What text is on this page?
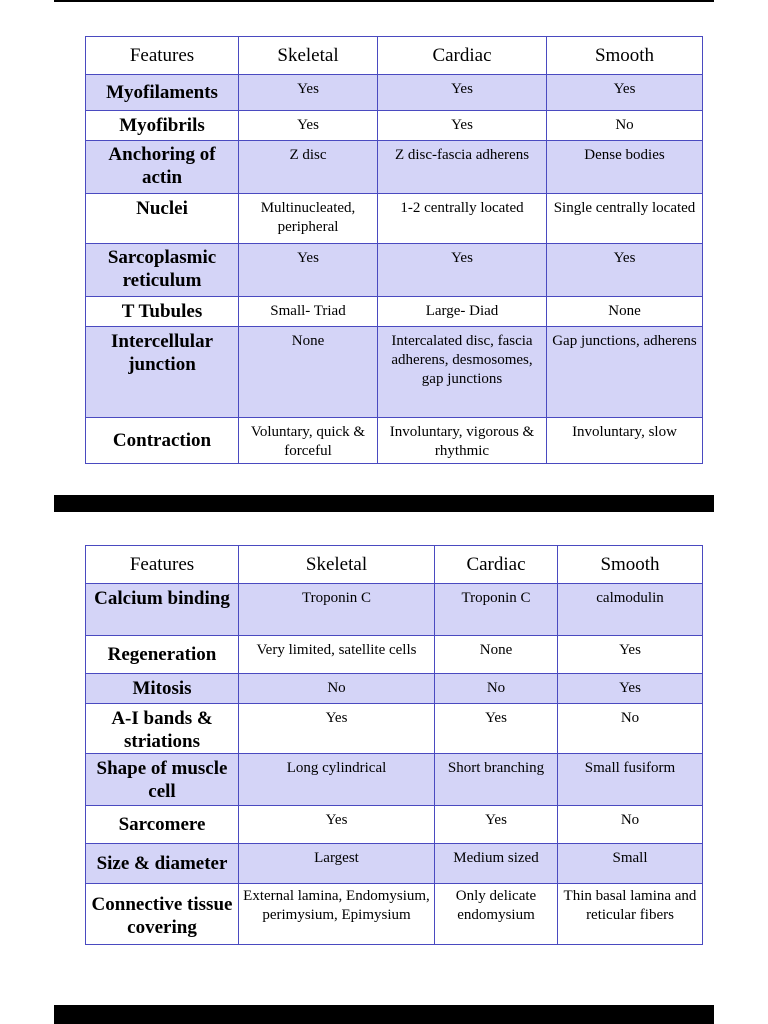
Features	Skeletal	Cardiac	Smooth
Myofilaments	Yes	Yes	Yes
Myofibrils	Yes	Yes	No
Anchoring of actin	Z disc	Z disc-fascia adherens	Dense bodies
Nuclei	Multinucleated, peripheral	1-2 centrally located	Single centrally located
Sarcoplasmic reticulum	Yes	Yes	Yes
T Tubules	Small- Triad	Large- Diad	None
Intercellular junction	None	Intercalated disc, fascia adherens, desmosomes, gap junctions	Gap junctions, adherens
Contraction	Voluntary, quick & forceful	Involuntary, vigorous & rhythmic	Involuntary, slow
Features	Skeletal	Cardiac	Smooth
Calcium binding	Troponin C	Troponin C	calmodulin
Regeneration	Very limited, satellite cells	None	Yes
Mitosis	No	No	Yes
A-I bands & striations	Yes	Yes	No
Shape of muscle cell	Long cylindrical	Short branching	Small fusiform
Sarcomere	Yes	Yes	No
Size & diameter	Largest	Medium sized	Small
Connective tissue covering	External lamina, Endomysium, perimysium, Epimysium	Only delicate endomysium	Thin basal lamina and reticular fibers
